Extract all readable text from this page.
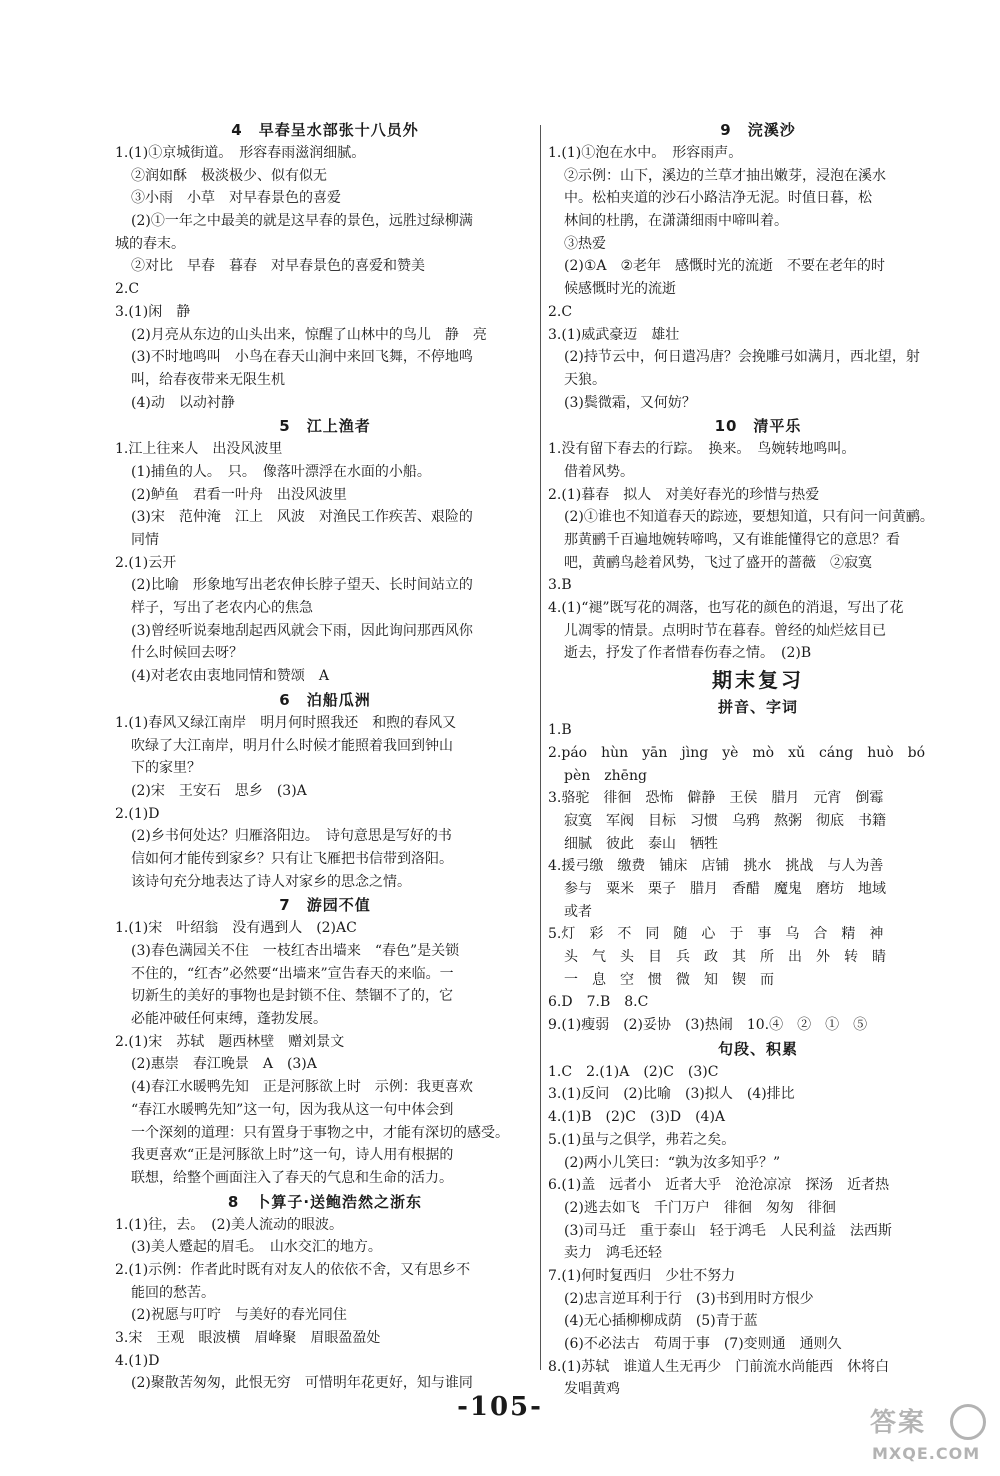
4　早春呈水部张十八员外
1.(1)①京城街道。　形容春雨滋润细腻。
②润如酥　极淡极少、似有似无
③小雨　小草　对早春景色的喜爱
(2)①一年之中最美的就是这早春的景色，远胜过绿柳满
城的春末。
②对比　早春　暮春　对早春景色的喜爱和赞美
2.C
3.(1)闲　静
(2)月亮从东边的山头出来，惊醒了山林中的鸟儿　静　亮
(3)不时地鸣叫　小鸟在春天山涧中来回飞舞，不停地鸣
叫，给春夜带来无限生机
(4)动　以动衬静
5　江上渔者
1.江上往来人　出没风波里
(1)捕鱼的人。　只。　像落叶漂浮在水面的小船。
(2)鲈鱼　君看一叶舟　出没风波里
(3)宋　范仲淹　江上　风波　对渔民工作疾苦、艰险的
同情
2.(1)云开
(2)比喻　形象地写出老农伸长脖子望天、长时间站立的
样子，写出了老农内心的焦急
(3)曾经听说秦地刮起西风就会下雨，因此询问那西风你
什么时候回去呀？
(4)对老农由衷地同情和赞颂　A
6　泊船瓜洲
1.(1)春风又绿江南岸　明月何时照我还　和煦的春风又
吹绿了大江南岸，明月什么时候才能照着我回到钟山
下的家里？
(2)宋　王安石　思乡　(3)A
2.(1)D
(2)乡书何处达？归雁洛阳边。　诗句意思是写好的书
信如何才能传到家乡？只有让飞雁把书信带到洛阳。
该诗句充分地表达了诗人对家乡的思念之情。
7　游园不值
1.(1)宋　叶绍翁　没有遇到人　(2)AC
(3)春色满园关不住　一枝红杏出墙来　“春色”是关锁
不住的，“红杏”必然要“出墙来”宣告春天的来临。一
切新生的美好的事物也是封锁不住、禁锢不了的，它
必能冲破任何束缚，蓬勃发展。
2.(1)宋　苏轼　题西林壁　赠刘景文
(2)惠崇　春江晚景　A　(3)A
(4)春江水暖鸭先知　正是河豚欲上时　示例：我更喜欢
“春江水暖鸭先知”这一句，因为我从这一句中体会到
一个深刻的道理：只有置身于事物之中，才能有深切的感受。
我更喜欢“正是河豚欲上时”这一句，诗人用有根据的
联想，给整个画面注入了春天的气息和生命的活力。
8　卜算子·送鲍浩然之浙东
1.(1)往，去。　(2)美人流动的眼波。
(3)美人蹙起的眉毛。　山水交汇的地方。
2.(1)示例：作者此时既有对友人的依依不舍，又有思乡不
能回的愁苦。
(2)祝愿与叮咛　与美好的春光同住
3.宋　王观　眼波横　眉峰聚　眉眼盈盈处
4.(1)D
(2)聚散苦匆匆，此恨无穷　可惜明年花更好，知与谁同
9　浣溪沙
1.(1)①泡在水中。　形容雨声。
②示例：山下，溪边的兰草才抽出嫩芽，浸泡在溪水
中。松柏夹道的沙石小路洁净无泥。时值日暮，松
林间的杜鹃，在潇潇细雨中啼叫着。
③热爱
(2)①A　②老年　感慨时光的流逝　不要在老年的时
候感慨时光的流逝
2.C
3.(1)威武豪迈　雄壮
(2)持节云中，何日遣冯唐？会挽雕弓如满月，西北望，射
天狼。
(3)鬓微霜，又何妨？
10　清平乐
1.没有留下春去的行踪。　换来。　鸟婉转地鸣叫。
借着风势。
2.(1)暮春　拟人　对美好春光的珍惜与热爱
(2)①谁也不知道春天的踪迹，要想知道，只有问一问黄鹂。
那黄鹂千百遍地婉转啼鸣，又有谁能懂得它的意思？看
吧，黄鹂鸟趁着风势，飞过了盛开的蔷薇　②寂寞
3.B
4.(1)“褪”既写花的凋落，也写花的颜色的消退，写出了花
儿凋零的情景。点明时节在暮春。曾经的灿烂炫目已
逝去，抒发了作者惜春伤春之情。　(2)B
期末复习
拼音、字词
1.B
2.páo　hùn　yān　jìng　yè　mò　xǔ　cáng　huò　bó
pèn　zhēng
3.骆驼　徘徊　恐怖　僻静　王侯　腊月　元宵　倒霉
寂寞　军阀　目标　习惯　乌鸦　熬粥　彻底　书籍
细腻　彼此　泰山　牺牲
4.援弓缴　缴费　铺床　店铺　挑水　挑战　与人为善
参与　粟米　栗子　腊月　香醋　魔鬼　磨坊　地域
或者
5.灯　彩　不　同　随　心　于　事　乌　合　精　神
头　气　头　目　兵　政　其　所　出　外　转　睛
一　息　空　惯　微　知　锲　而
6.D　7.B　8.C
9.(1)瘦弱　(2)妥协　(3)热闹　10.④　②　①　⑤
句段、积累
1.C　2.(1)A　(2)C　(3)C
3.(1)反问　(2)比喻　(3)拟人　(4)排比
4.(1)B　(2)C　(3)D　(4)A
5.(1)虽与之俱学，弗若之矣。
(2)两小儿笑曰：“孰为汝多知乎？”
6.(1)盖　远者小　近者大乎　沧沧凉凉　探汤　近者热
(2)逃去如飞　千门万户　徘徊　匆匆　徘徊
(3)司马迁　重于泰山　轻于鸿毛　人民利益　法西斯
卖力　鸿毛还轻
7.(1)何时复西归　少壮不努力
(2)忠言逆耳利于行　(3)书到用时方恨少
(4)无心插柳柳成荫　(5)青于蓝
(6)不必法古　苟周于事　(7)变则通　通则久
8.(1)苏轼　谁道人生无再少　门前流水尚能西　休将白
发唱黄鸡
-105-
答案
MXQE.COM
